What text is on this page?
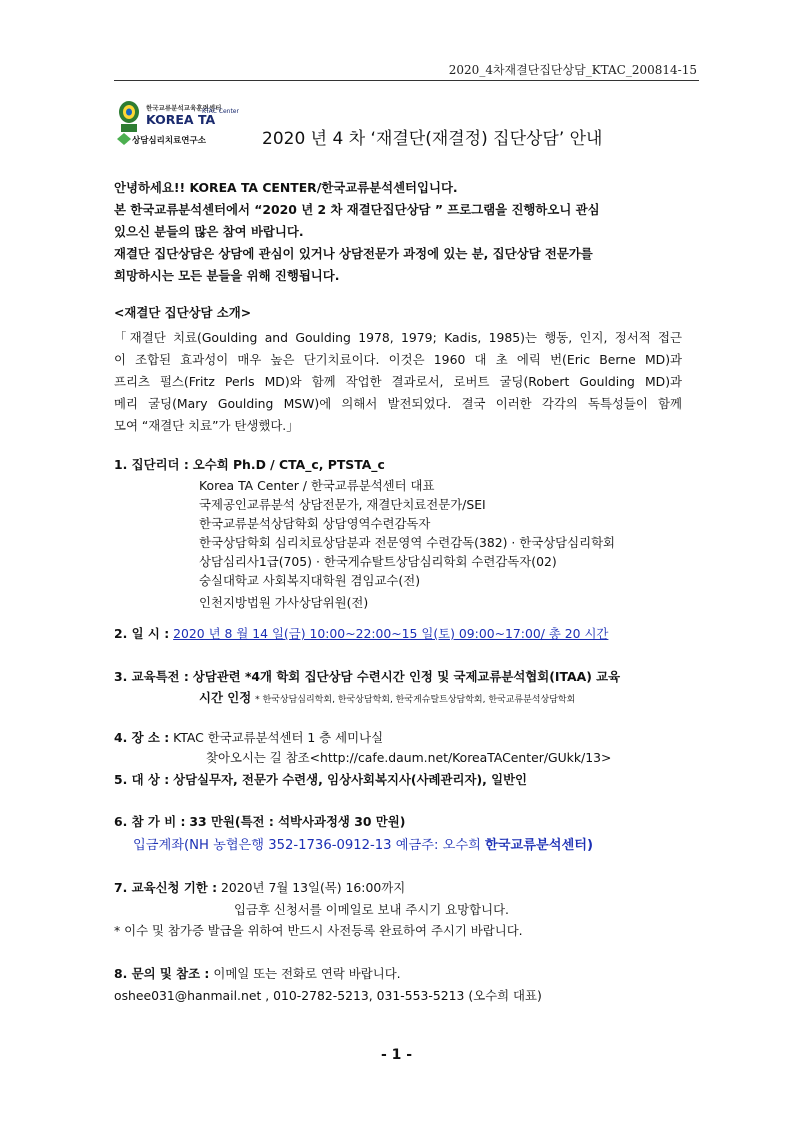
2020_4차재결단집단상담_KTAC_200814-15
한국교류분석교육훈련센터
KOREA TA
KTAC Center
상담심리치료연구소	2020 년 4 차 ‘재결단(재결정) 집단상담’ 안내
안녕하세요!! KOREA TA CENTER/한국교류분석센터입니다.
본 한국교류분석센터에서 “2020 년 2 차 재결단집단상담 ” 프로그램을 진행하오니 관심
있으신 분들의 많은 참여 바랍니다.
재결단 집단상담은 상담에 관심이 있거나 상담전문가 과정에 있는 분, 집단상담 전문가를
희망하시는 모든 분들을 위해 진행됩니다.
<재결단 집단상담 소개>
「재결단 치료(Goulding and Goulding 1978, 1979; Kadis, 1985)는 행동, 인지, 정서적 접근
이 조합된 효과성이 매우 높은 단기치료이다. 이것은 1960 대 초 에릭 번(Eric Berne MD)과
프리츠 펄스(Fritz Perls MD)와 함께 작업한 결과로서, 로버트 굴딩(Robert Goulding MD)과
메리 굴딩(Mary Goulding MSW)에 의해서 발전되었다. 결국 이러한 각각의 독특성들이 함께
모여 “재결단 치료”가 탄생했다.」
1. 집단리더 : 오수희 Ph.D / CTA_c, PTSTA_c
Korea TA Center / 한국교류분석센터 대표
국제공인교류분석 상담전문가, 재결단치료전문가/SEI
한국교류분석상담학회 상담영역수련감독자
한국상담학회 심리치료상담분과 전문영역 수련감독(382) · 한국상담심리학회
상담심리사1급(705) · 한국게슈탈트상담심리학회 수련감독자(02)
숭실대학교 사회복지대학원 겸임교수(전)
인천지방법원 가사상담위원(전)
2. 일 시 : 2020 년 8 월 14 일(금) 10:00~22:00~15 일(토) 09:00~17:00/ 총 20 시간
3. 교육특전 : 상담관련 *4개 학회 집단상담 수련시간 인정 및 국제교류분석협회(ITAA) 교육
시간 인정 * 한국상담심리학회, 한국상담학회, 한국게슈탈트상담학회, 한국교류분석상담학회
4. 장 소 : KTAC 한국교류분석센터 1 층 세미나실
찾아오시는 길 참조<http://cafe.daum.net/KoreaTACenter/GUkk/13>
5. 대 상 : 상담실무자, 전문가 수련생, 임상사회복지사(사례관리자), 일반인
6. 참 가 비 : 33 만원(특전 : 석박사과정생 30 만원)
입금계좌(NH 농협은행 352-1736-0912-13 예금주: 오수희 한국교류분석센터)
7. 교육신청 기한 : 2020년 7월 13일(목) 16:00까지
입금후 신청서를 이메일로 보내 주시기 요망합니다.
* 이수 및 참가증 발급을 위하여 반드시 사전등록 완료하여 주시기 바랍니다.
8. 문의 및 참조 : 이메일 또는 전화로 연락 바랍니다.
oshee031@hanmail.net , 010-2782-5213, 031-553-5213 (오수희 대표)
- 1 -
